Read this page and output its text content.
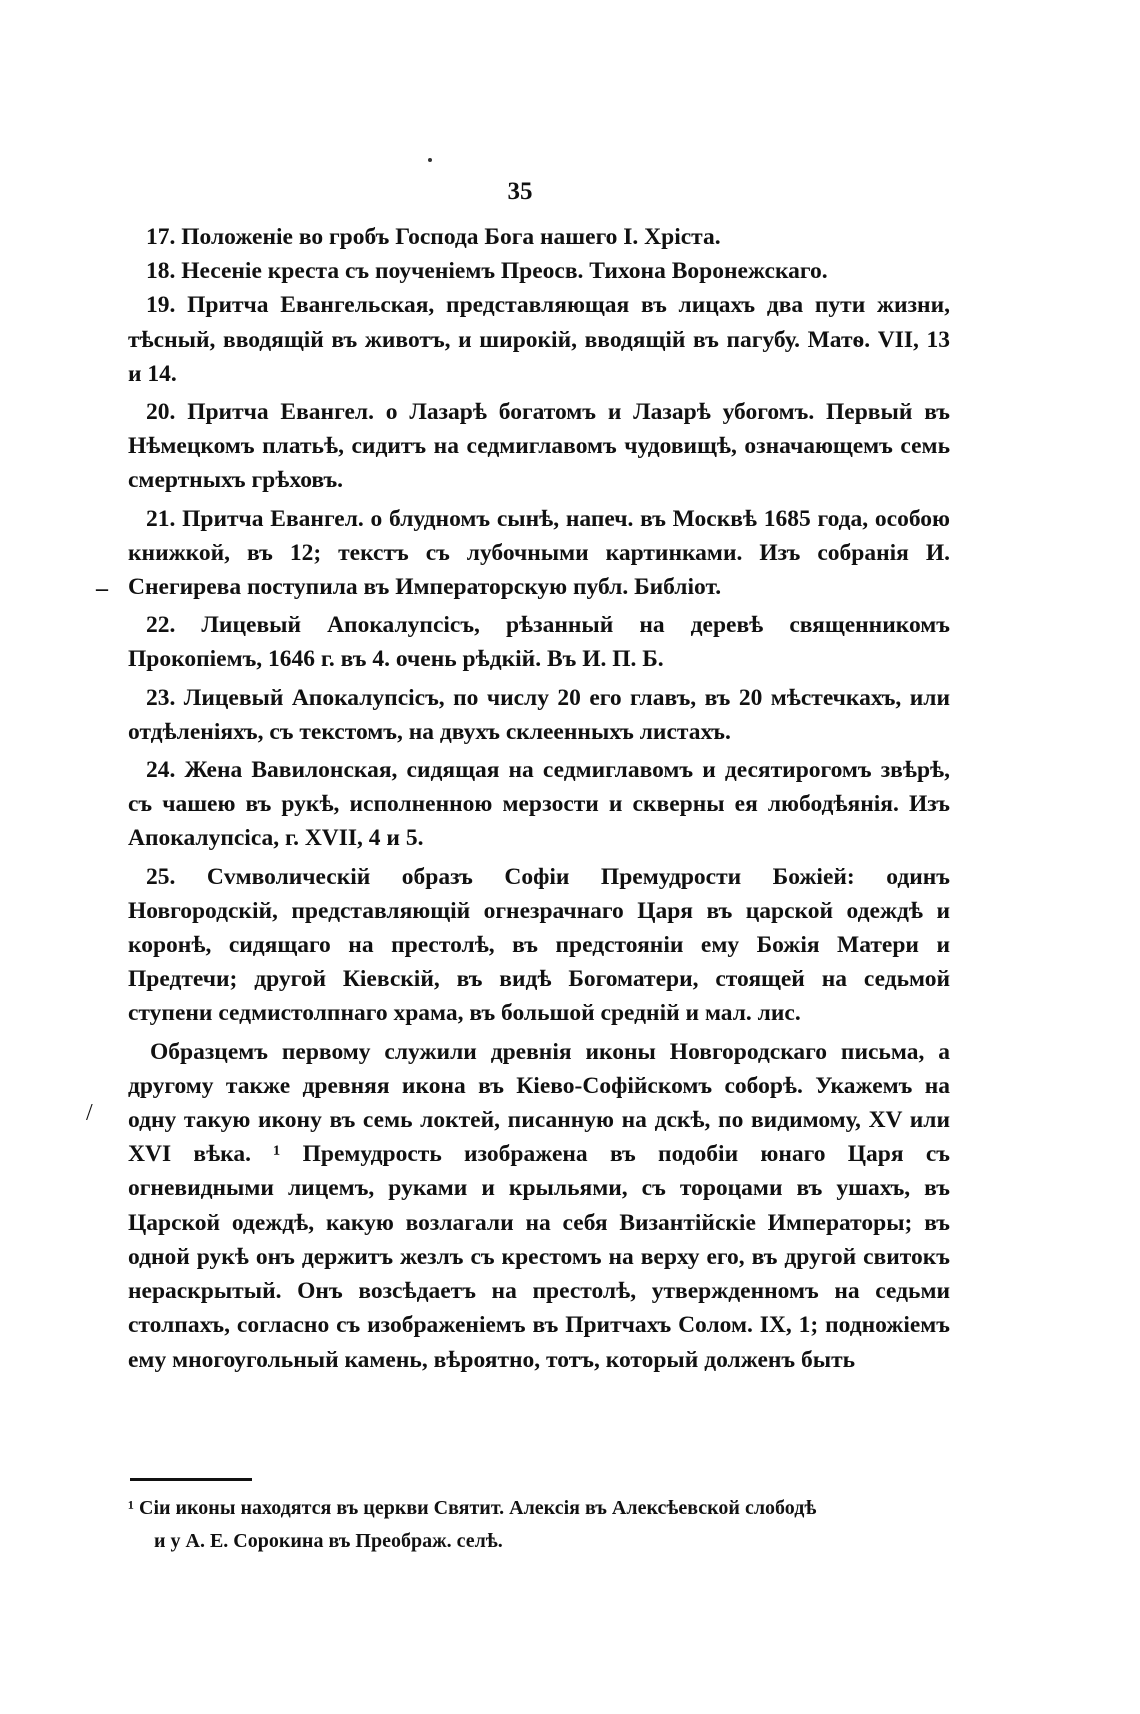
35

17. Положеніе во гробъ Господа Бога нашего І. Хріста.

18. Несеніе креста съ поученіемъ Преосв. Тихона Воронежскаго.

19. Притча Евангельская, представляющая въ лицахъ два пути жизни, тѣсный, вводящій въ животъ, и широкій, вводящій въ пагубу. Матѳ. VII, 13 и 14.

20. Притча Евангел. о Лазарѣ богатомъ и Лазарѣ убогомъ. Первый въ Нѣмецкомъ платьѣ, сидитъ на седмиглавомъ чудовищѣ, означающемъ семь смертныхъ грѣховъ.

21. Притча Евангел. о блудномъ сынѣ, напеч. въ Москвѣ 1685 года, особою книжкой, въ 12; текстъ съ лубочными картинками. Изъ собранія И. Снегирева поступила въ Императорскую публ. Библіот.

22. Лицевый Апокалупсісъ, рѣзанный на деревѣ священникомъ Прокопіемъ, 1646 г. въ 4. очень рѣдкій. Въ И. П. Б.

23. Лицевый Апокалупсісъ, по числу 20 его главъ, въ 20 мѣстечкахъ, или отдѣленіяхъ, съ текстомъ, на двухъ склеенныхъ листахъ.

24. Жена Вавилонская, сидящая на седмиглавомъ и десятирогомъ звѣрѣ, съ чашею въ рукѣ, исполненною мерзости и скверны ея любодѣянія. Изъ Апокалупсіса, г. XVII, 4 и 5.

25. Сvмволическій образъ Софіи Премудрости Божіей: одинъ Новгородскій, представляющій огнезрачнаго Царя въ царской одеждѣ и коронѣ, сидящаго на престолѣ, въ предстояніи ему Божія Матери и Предтечи; другой Кіевскій, въ видѣ Богоматери, стоящей на седьмой ступени седмистолпнаго храма, въ большой средній и мал. лис.

Образцемъ первому служили древнія иконы Новгородскаго письма, а другому также древняя икона въ Кіево-Софійскомъ соборѣ. Укажемъ на одну такую икону въ семь локтей, писанную на дскѣ, по видимому, XV или XVI вѣка. ¹ Премудрость изображена въ подобіи юнаго Царя съ огневидными лицемъ, руками и крыльями, съ тороцами въ ушахъ, въ Царской одеждѣ, какую возлагали на себя Византійскіе Императоры; въ одной рукѣ онъ держитъ жезлъ съ крестомъ на верху его, въ другой свитокъ нераскрытый. Онъ возсѣдаетъ на престолѣ, утвержденномъ на седьми столпахъ, согласно съ изображеніемъ въ Притчахъ Солом. IX, 1; подножіемъ ему многоугольный камень, вѣроятно, тотъ, который долженъ быть

–
/
¹ Сіи иконы находятся въ церкви Святит. Алексія въ Алексѣевской слободѣ
и у А. Е. Сорокина въ Преображ. селѣ.
